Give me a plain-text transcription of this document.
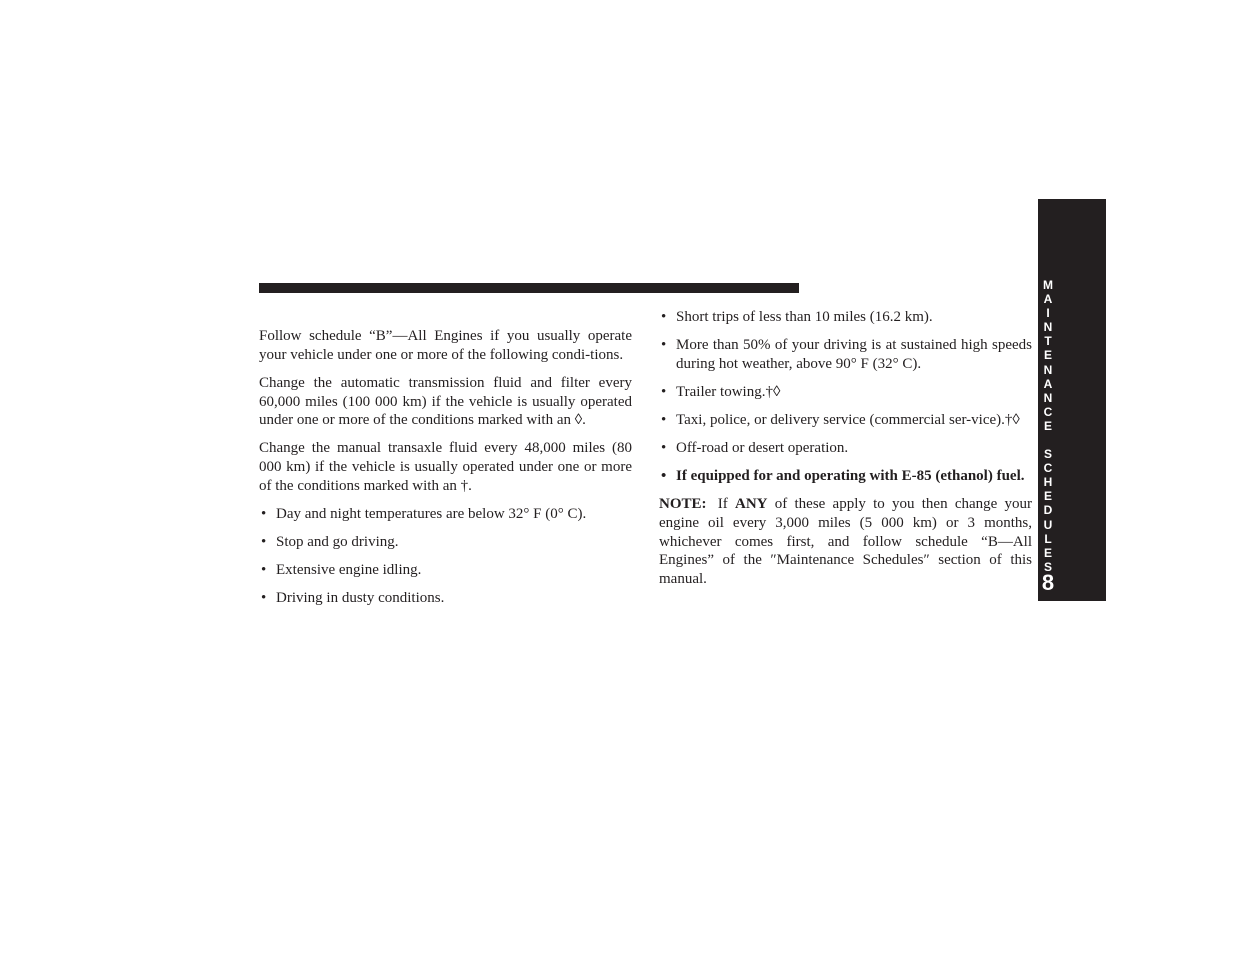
Follow schedule “B”—All Engines if you usually operate your vehicle under one or more of the following condi-tions.

Change the automatic transmission fluid and filter every 60,000 miles (100 000 km) if the vehicle is usually operated under one or more of the conditions marked with an ◊.

Change the manual transaxle fluid every 48,000 miles (80 000 km) if the vehicle is usually operated under one or more of the conditions marked with an †.

• Day and night temperatures are below 32° F (0° C).
• Stop and go driving.
• Extensive engine idling.
• Driving in dusty conditions.
• Short trips of less than 10 miles (16.2 km).
• More than 50% of your driving is at sustained high speeds during hot weather, above 90° F (32° C).
• Trailer towing.†◊
• Taxi, police, or delivery service (commercial ser-vice).†◊
• Off-road or desert operation.
• If equipped for and operating with E-85 (ethanol) fuel.

NOTE: If ANY of these apply to you then change your engine oil every 3,000 miles (5 000 km) or 3 months, whichever comes first, and follow schedule “B—All Engines” of the ″Maintenance Schedules″ section of this manual.

M
A
I
N
T
E
N
A
N
C
E
S
C
H
E
D
U
L
E
S
8
